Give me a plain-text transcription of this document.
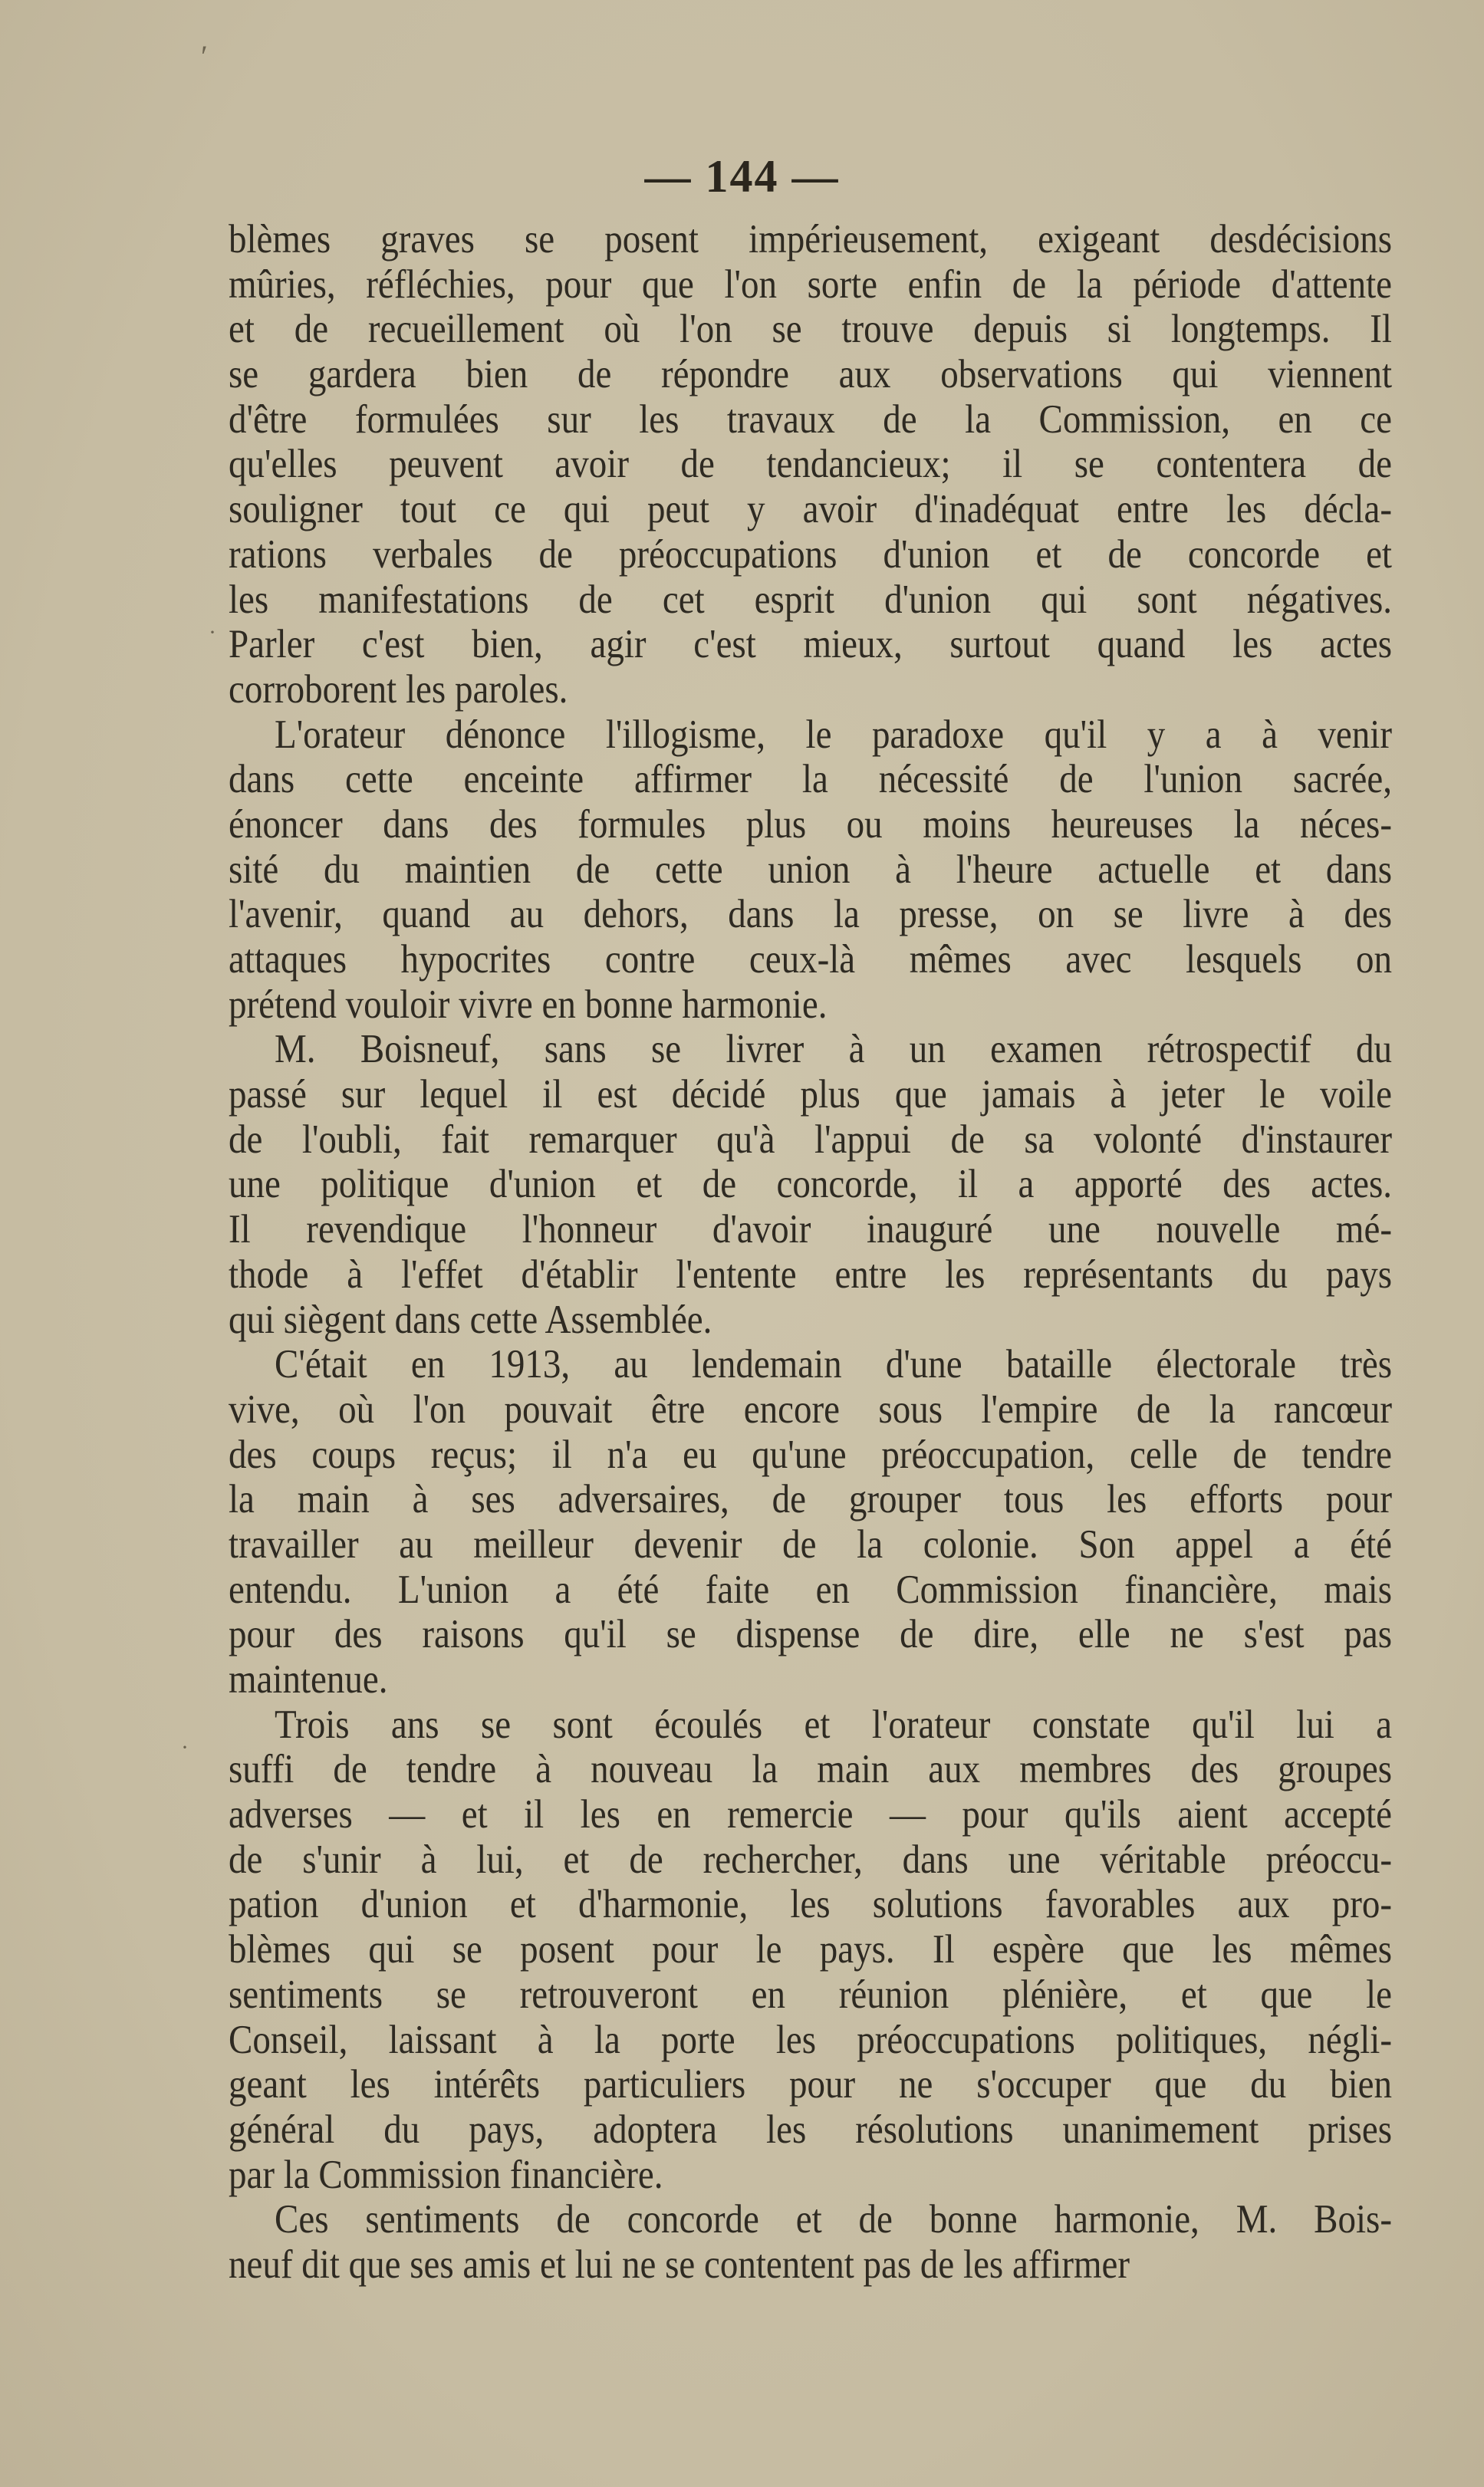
′
·
·
— 144 —
blèmes graves se posent impérieusement, exigeant desdécisions
mûries, réfléchies, pour que l'on sorte enfin de la période d'attente
et de recueillement où l'on se trouve depuis si longtemps. Il
se gardera bien de répondre aux observations qui viennent
d'être formulées sur les travaux de la Commission, en ce
qu'elles peuvent avoir de tendancieux; il se contentera de
souligner tout ce qui peut y avoir d'inadéquat entre les décla-
rations verbales de préoccupations d'union et de concorde et
les manifestations de cet esprit d'union qui sont négatives.
Parler c'est bien, agir c'est mieux, surtout quand les actes
corroborent les paroles.
L'orateur dénonce l'illogisme, le paradoxe qu'il y a à venir
dans cette enceinte affirmer la nécessité de l'union sacrée,
énoncer dans des formules plus ou moins heureuses la néces-
sité du maintien de cette union à l'heure actuelle et dans
l'avenir, quand au dehors, dans la presse, on se livre à des
attaques hypocrites contre ceux-là mêmes avec lesquels on
prétend vouloir vivre en bonne harmonie.
M. Boisneuf, sans se livrer à un examen rétrospectif du
passé sur lequel il est décidé plus que jamais à jeter le voile
de l'oubli, fait remarquer qu'à l'appui de sa volonté d'instaurer
une politique d'union et de concorde, il a apporté des actes.
Il revendique l'honneur d'avoir inauguré une nouvelle mé-
thode à l'effet d'établir l'entente entre les représentants du pays
qui siègent dans cette Assemblée.
C'était en 1913, au lendemain d'une bataille électorale très
vive, où l'on pouvait être encore sous l'empire de la rancœur
des coups reçus; il n'a eu qu'une préoccupation, celle de tendre
la main à ses adversaires, de grouper tous les efforts pour
travailler au meilleur devenir de la colonie. Son appel a été
entendu. L'union a été faite en Commission financière, mais
pour des raisons qu'il se dispense de dire, elle ne s'est pas
maintenue.
Trois ans se sont écoulés et l'orateur constate qu'il lui a
suffi de tendre à nouveau la main aux membres des groupes
adverses — et il les en remercie — pour qu'ils aient accepté
de s'unir à lui, et de rechercher, dans une véritable préoccu-
pation d'union et d'harmonie, les solutions favorables aux pro-
blèmes qui se posent pour le pays. Il espère que les mêmes
sentiments se retrouveront en réunion plénière, et que le
Conseil, laissant à la porte les préoccupations politiques, négli-
geant les intérêts particuliers pour ne s'occuper que du bien
général du pays, adoptera les résolutions unanimement prises
par la Commission financière.
Ces sentiments de concorde et de bonne harmonie, M. Bois-
neuf dit que ses amis et lui ne se contentent pas de les affirmer
